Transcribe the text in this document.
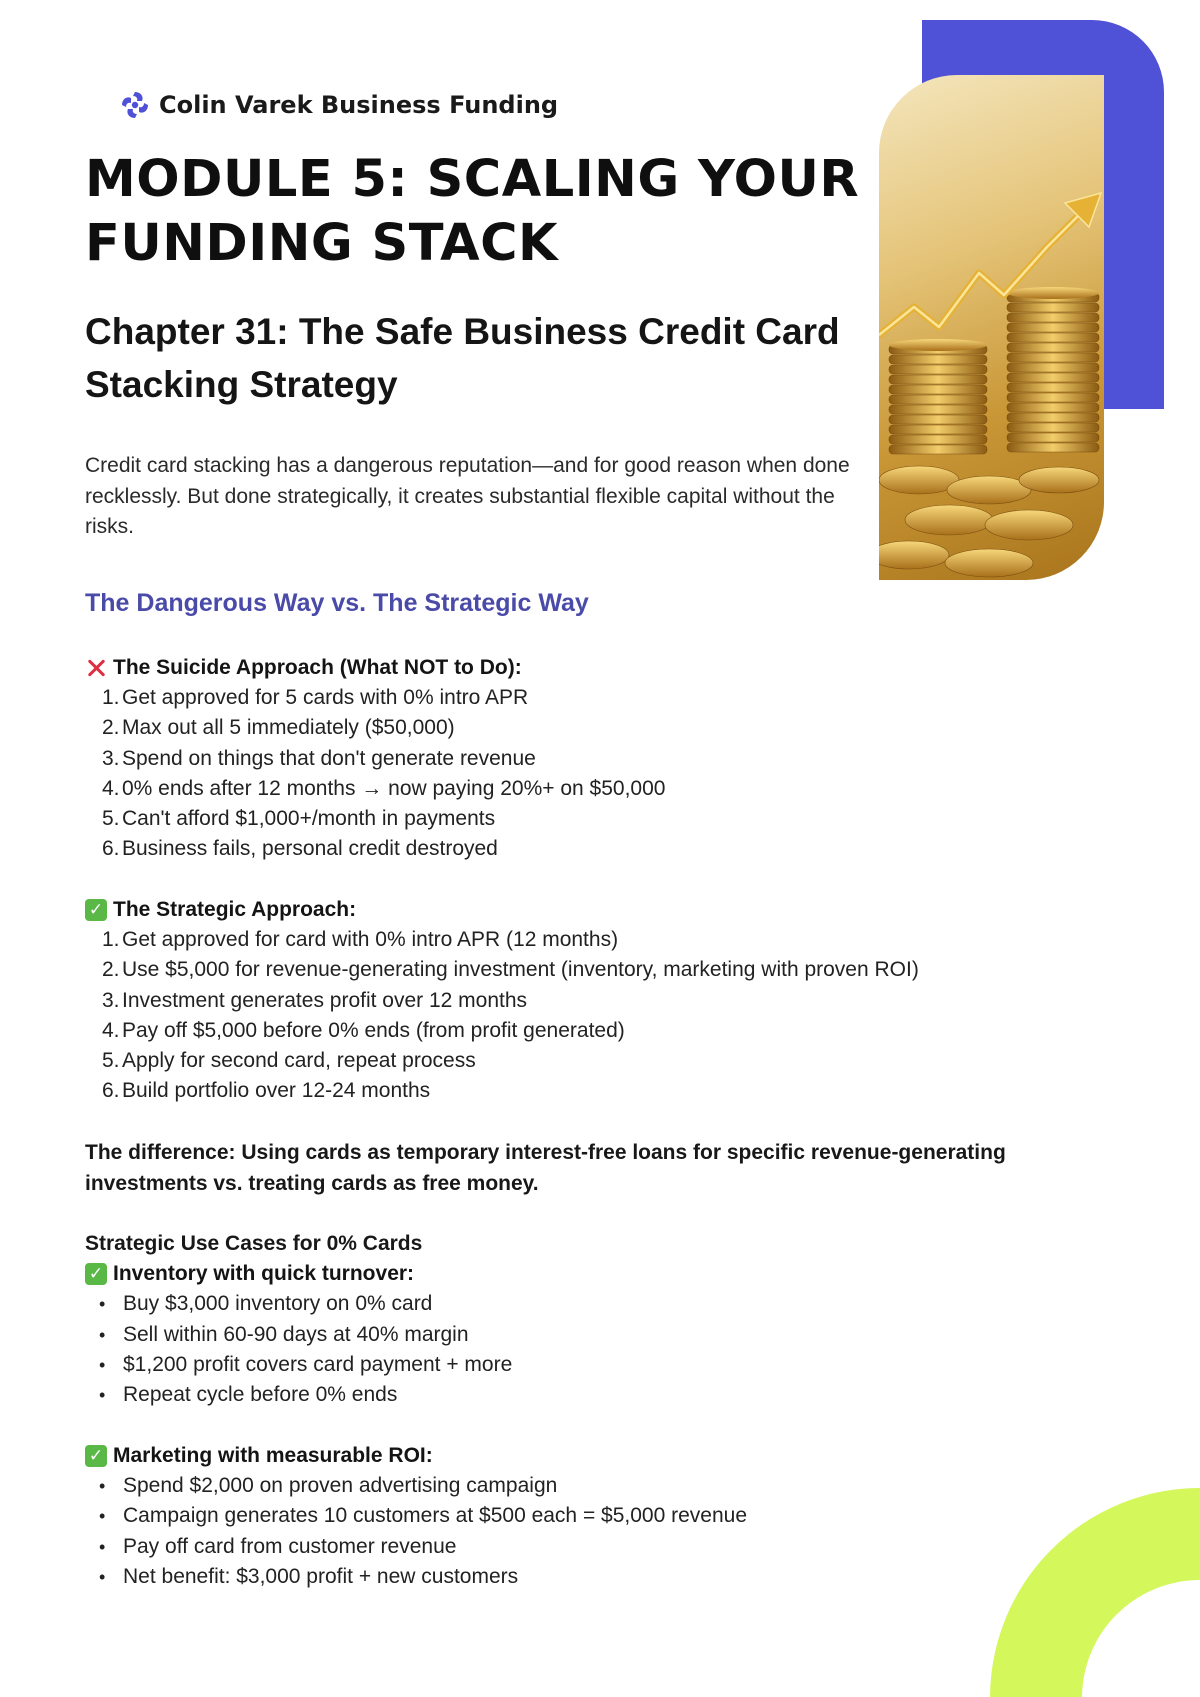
Colin Varek Business Funding
MODULE 5: SCALING YOUR FUNDING STACK
Chapter 31: The Safe Business Credit Card Stacking Strategy

Credit card stacking has a dangerous reputation—and for good reason when done recklessly. But done strategically, it creates substantial flexible capital without the risks.

The Dangerous Way vs. The Strategic Way
The Suicide Approach (What NOT to Do):
1. Get approved for 5 cards with 0% intro APR
2. Max out all 5 immediately ($50,000)
3. Spend on things that don't generate revenue
4. 0% ends after 12 months → now paying 20%+ on $50,000
5. Can't afford $1,000+/month in payments
6. Business fails, personal credit destroyed
✓ The Strategic Approach:
1. Get approved for card with 0% intro APR (12 months)
2. Use $5,000 for revenue-generating investment (inventory, marketing with proven ROI)
3. Investment generates profit over 12 months
4. Pay off $5,000 before 0% ends (from profit generated)
5. Apply for second card, repeat process
6. Build portfolio over 12-24 months

The difference: Using cards as temporary interest-free loans for specific revenue-generating investments vs. treating cards as free money.

Strategic Use Cases for 0% Cards
✓ Inventory with quick turnover:
• Buy $3,000 inventory on 0% card
• Sell within 60-90 days at 40% margin
• $1,200 profit covers card payment + more
• Repeat cycle before 0% ends
✓ Marketing with measurable ROI:
• Spend $2,000 on proven advertising campaign
• Campaign generates 10 customers at $500 each = $5,000 revenue
• Pay off card from customer revenue
• Net benefit: $3,000 profit + new customers
